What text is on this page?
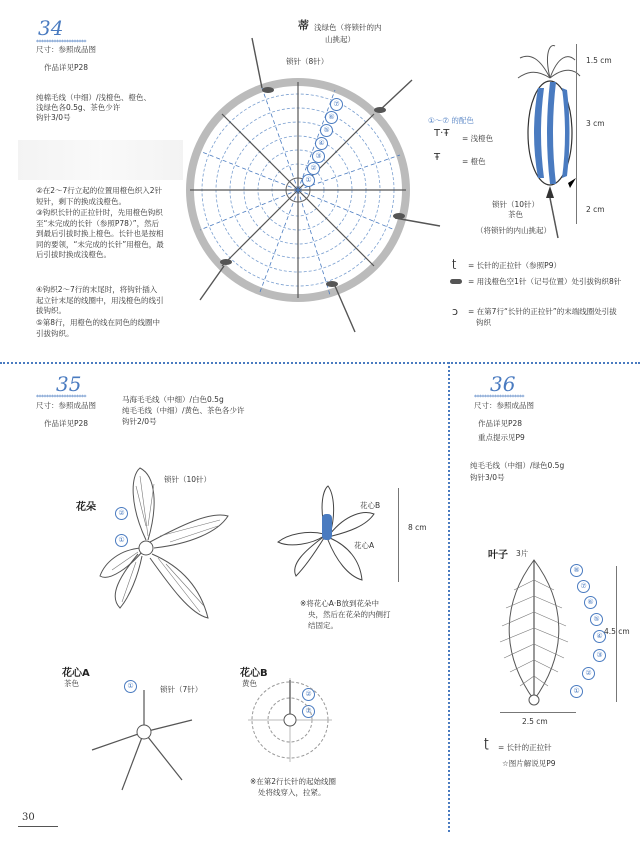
34
********************
尺寸：参照成品图
作品详见P28
纯棉毛线（中细）/浅橙色、橙色、
浅绿色各0.5g、茶色少许
钩针3/0号
②在2～7行立起的位置用橙色织入2针短针，剩下的换成浅橙色。
③钩织长针的正拉针时，先用橙色钩织至“未完成的长针（参照P78）”，然后到最后引拔时换上橙色。长针也是按相同的要领，“未完成的长针”用橙色，最后引拔时换成浅橙色。
④钩织2～7行的末尾时，将钩针插入起立针末尾的线圈中，用浅橙色的线引拔钩织。
⑤第8行，用橙色的线在同色的线圈中引拔钩织。
蒂 浅绿色（将锁针的内
山挑起）
锁针（8针）
⑦
⑥
⑤
④
③
②
①
1.5 cm
3 cm
2 cm
锁针（10针）
茶色
（将锁针的内山挑起）
①～⑦ 的配色
T·Ŧ = 浅橙色
Ŧ	= 橙色
ʈ = 长针的正拉针（参照P9）
= 用浅橙色空1针（记号位置）处引拔钩织8针
ɔ = 在第7行“长针的正拉针”的末端线圈处引拔
钩织
35
********************
尺寸：参照成品图
作品详见P28
马海毛毛线（中细）/白色0.5g
纯毛毛线（中细）/黄色、茶色各少许
钩针2/0号
花朵
锁针（10针）
②
①
花心B
花心A
8 cm
※将花心A·B放到花朵中
央，然后在花朵的内侧打
结固定。
花心A
茶色
锁针（7针）
①
花心B
黄色
②
①
※在第2行长针的起始线圈
处将线穿入，拉紧。
36
********************
尺寸：参照成品图
作品详见P28
重点提示见P9
纯毛毛线（中细）/绿色0.5g
钩针3/0号
叶子 3片
⑧
⑦
⑥
⑤
④
③
②
①
4.5 cm
2.5 cm
ʈ = 长针的正拉针
☆图片解说见P9
30
